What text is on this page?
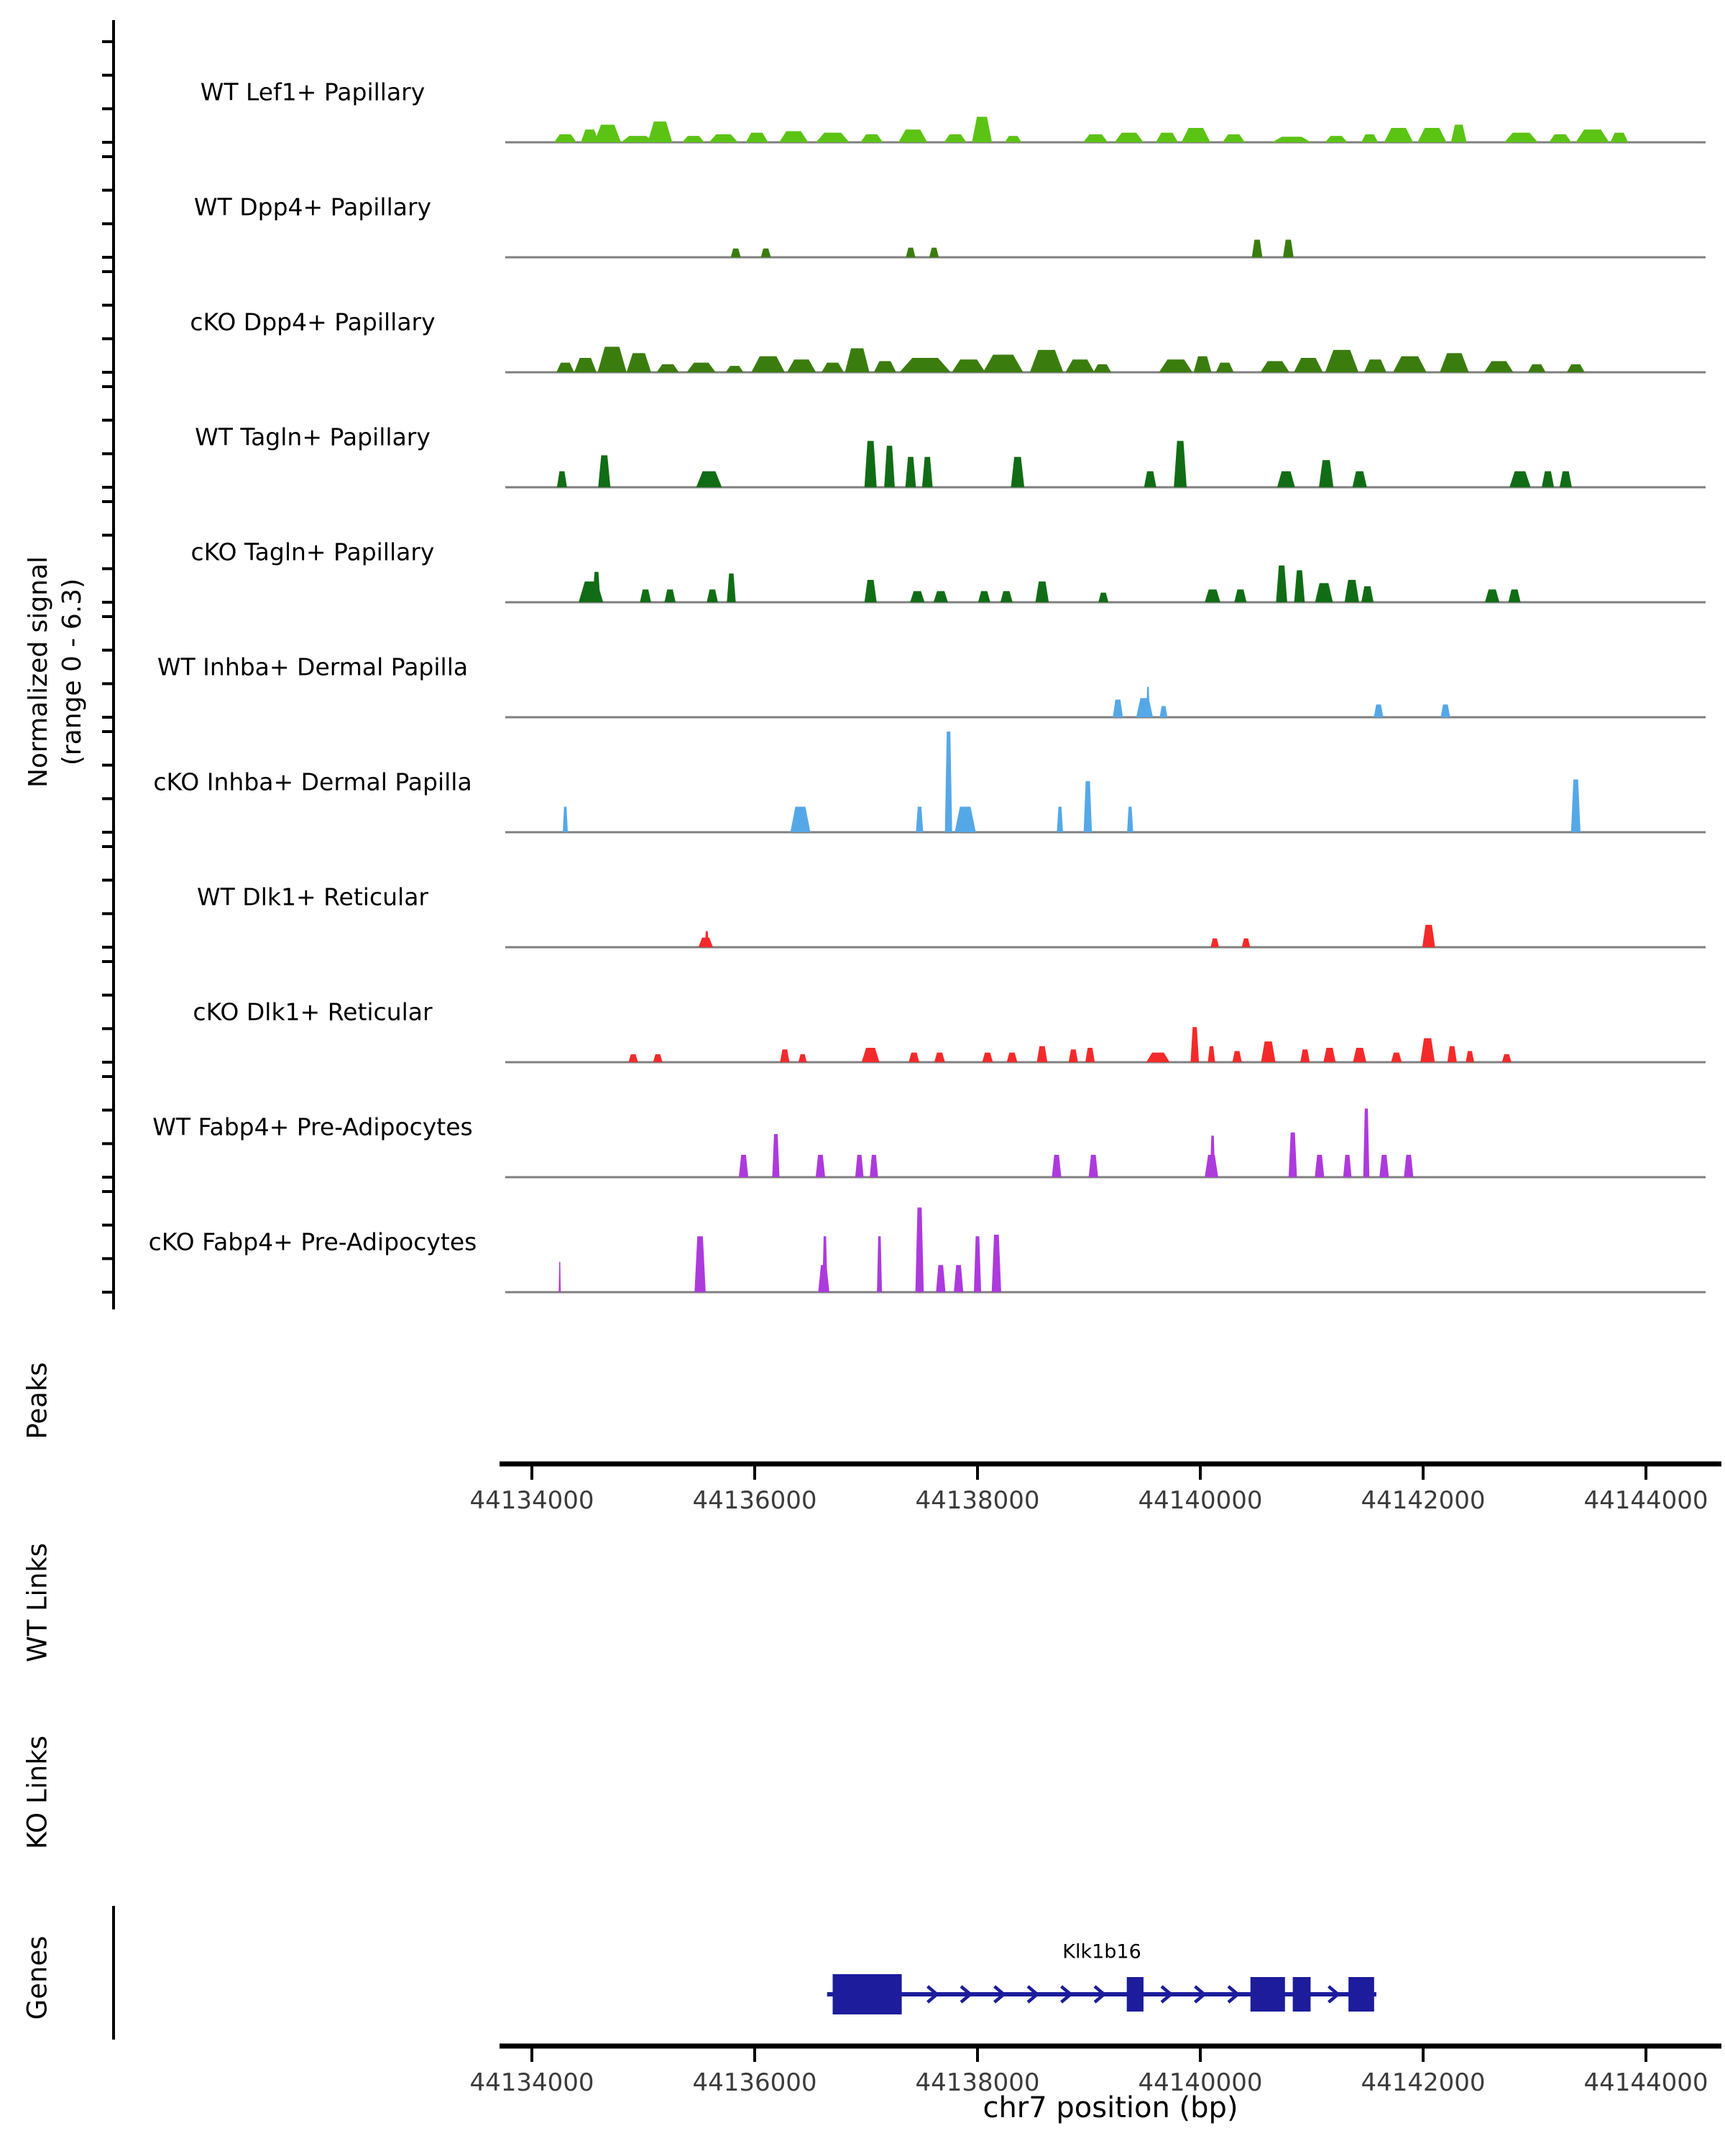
44134000	44136000	44138000	44140000	44142000	44144000
44134000	44136000	44138000	44140000	44142000	44144000
Normalized signal (range 0 - 6.3)
Peaks
WT Links
KO Links
Genes	Klk1b16
chr7 position (bp)
WT Lef1+ Papillary
WT Dpp4+ Papillary
cKO Dpp4+ Papillary
WT Tagln+ Papillary
cKO Tagln+ Papillary
WT Inhba+ Dermal Papilla
cKO Inhba+ Dermal Papilla
WT Dlk1+ Reticular
cKO Dlk1+ Reticular
WT Fabp4+ Pre-Adipocytes
cKO Fabp4+ Pre-Adipocytes
